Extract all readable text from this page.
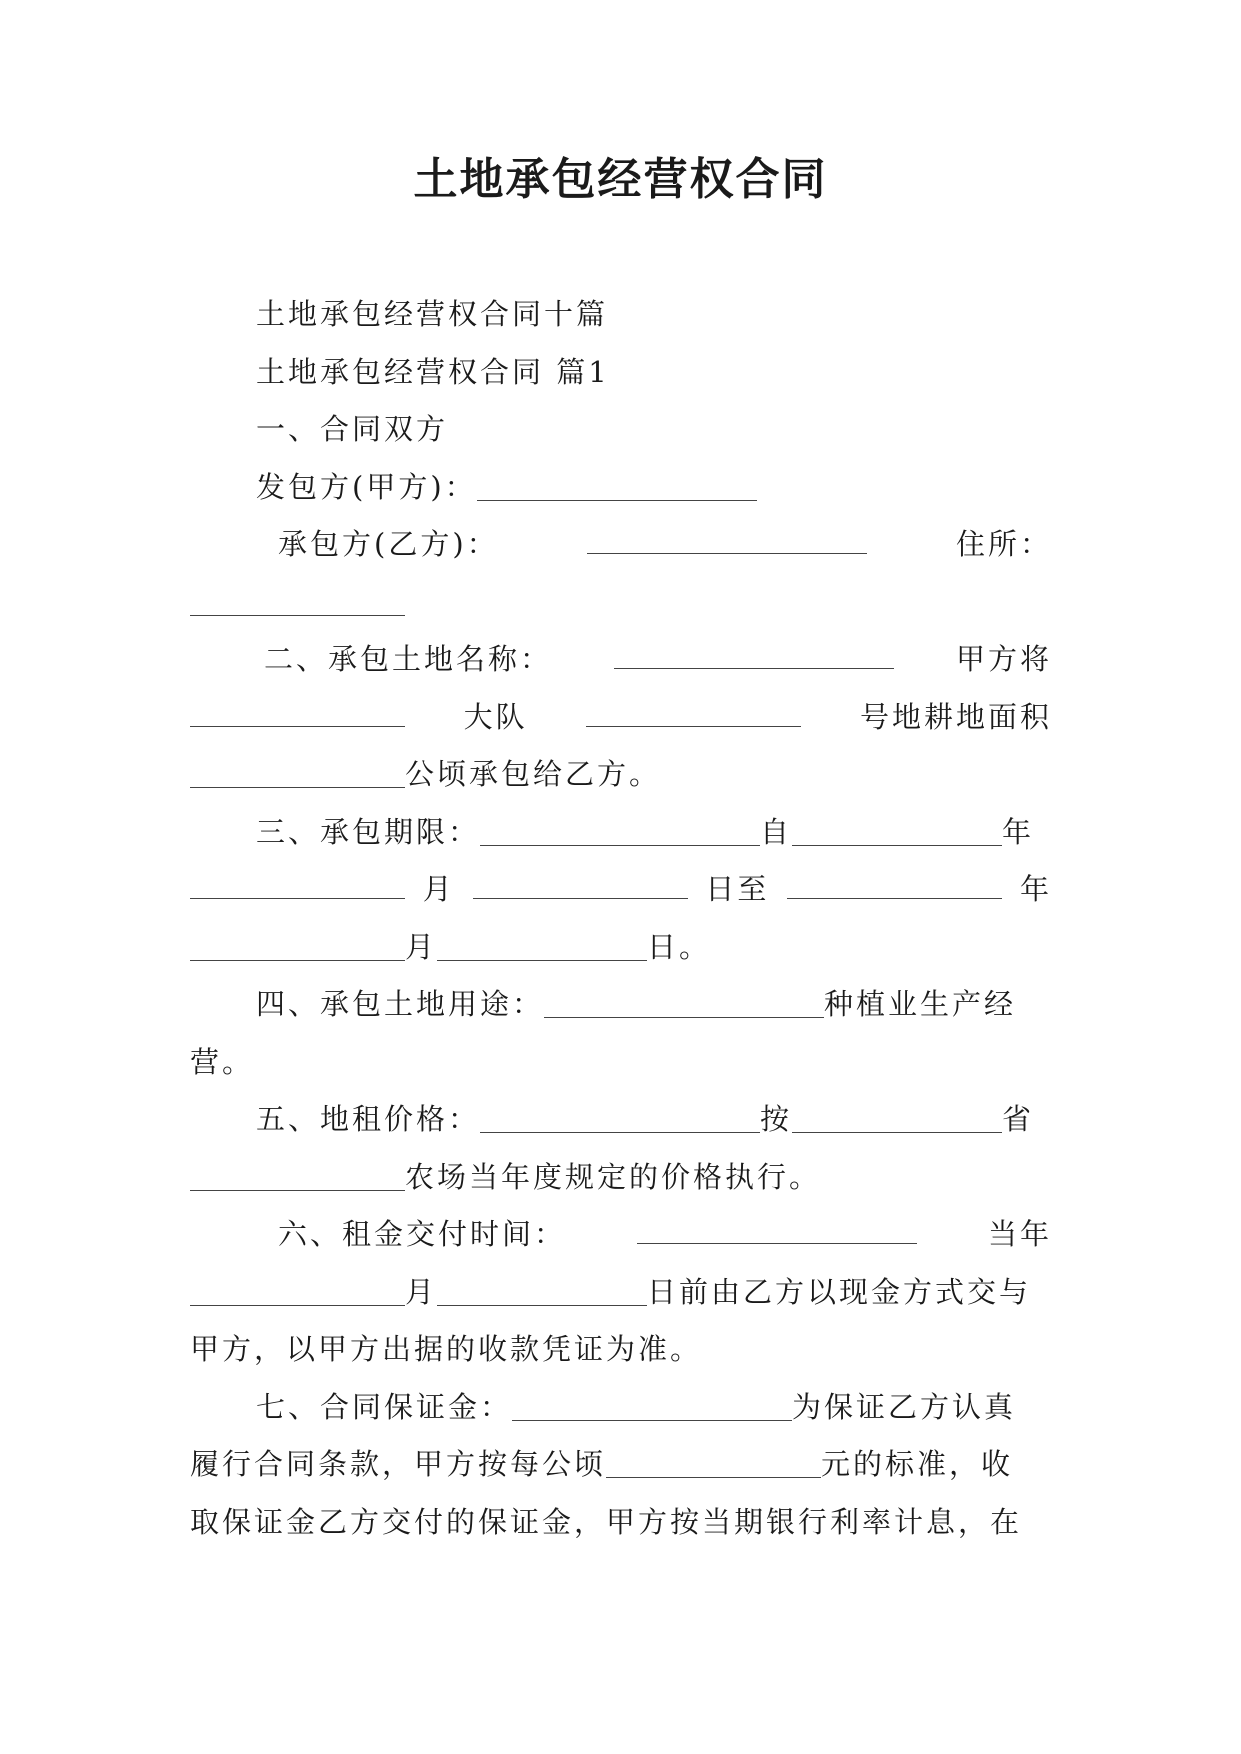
土地承包经营权合同
土地承包经营权合同十篇
土地承包经营权合同 篇1
一、合同双方
发包方(甲方)：
承包方(乙方)：	住所：
二、承包土地名称：	甲方将
大队	号地耕地面积
公顷承包给乙方。
三、承包期限：	自	年
月	日至	年
月	日。
四、承包土地用途：	种植业生产经
营。
五、地租价格：	按	省
农场当年度规定的价格执行。
六、租金交付时间：	当年
月	日前由乙方以现金方式交与
甲方，以甲方出据的收款凭证为准。
七、合同保证金：	为保证乙方认真
履行合同条款，甲方按每公顷	元的标准，收
取保证金乙方交付的保证金，甲方按当期银行利率计息，在
